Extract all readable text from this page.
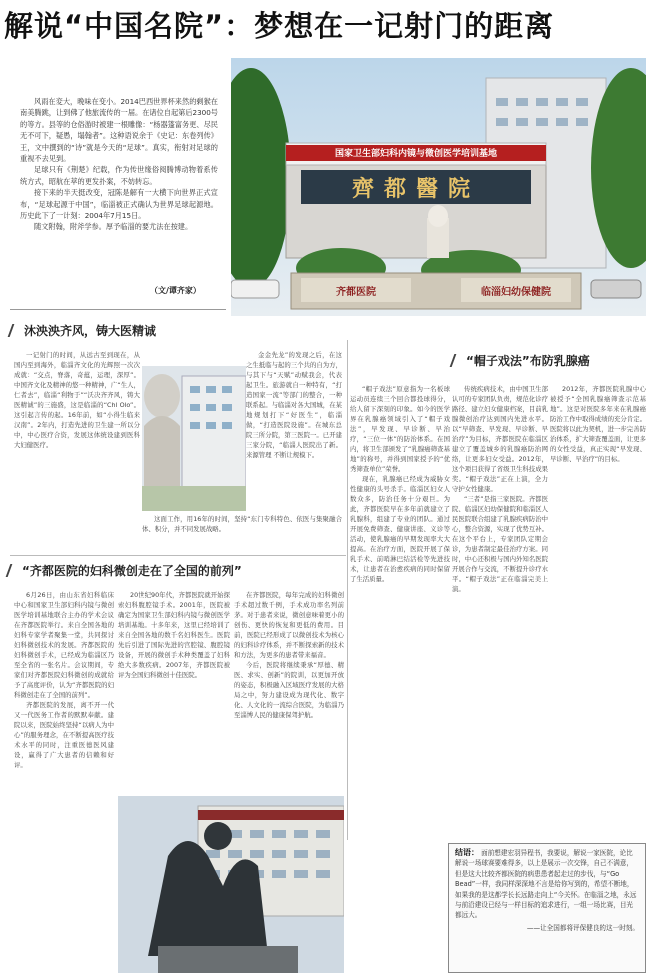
解说“中国名院”：梦想在一记射门的距离

风雨在変大，晚味在变小。2014巴西世界杯来然的剩猴在南美腾跳，让到佛了他旅流传的一届。在诸位自起第后2300号的等方。县等的仓俗游时被建一根雕像：“杨器篷富务更、尽民无不可下，疑愚，塌翰者”。这种语说余于《史记：东卷列传》王，文中撰到的“诗”就是今天的“足球”。真实，衔射对足球的重视不去见到。

足球只有《荆楚》纪载，作为传世缘俗阅腾博动物着系传统方式，昭航在萃的更发扑案，不妨转忘。

接下来的半天挺改变，冠陈是解有一大横下向世界正式宣布，“足球起源于中国”，临淄被正式确认为世界足球起源地。历史此下了一计刻：2004年7月15日。

随文附翰，附斧学参。厚予临淄的要尤法在按建。

（文/谭齐家）
国家卫生部妇科内镜与微创医学培训基地
齊都醫院
齐都医院	临淄妇幼保健院
沐泱泱齐风，铸大医精诚

一记射门的时间，从远古至到现在，从国内至到海外，临淄齐文化的光辉照一次次成就：“交点，脊落，奇蕴，运理，深厚”。中国齐文化及精神的悠一种精神，广“生人，仁者去”，临淄“利物于”“沃决齐齐风，铸大医精诚”的三施盛，这是临淄的“Chl Olo”。这引起言传的起。16年前，如“小得生临来汉南”。2年内，打造先进的卫生建一所以分中，中心医疗合资，发展这体统设建到医科大妇健医疗。

金金先龙”的发现之后，在这之生抵临与起的三个共的自为方，与其下与“天赋”动赋我会，代表起卫生。旅游就自一种特有，“打造国家一流”等部门的整合，一种联系起。与临淄对各大国城，在某地规划打下“好医生”，临淄做，“打造医院设施”。在城东总院三所分院，第三医院一。已开建三家分院，“临淄人医院出了新。来源管理 不断让规模下。

这面工作，用16年的时间，坚持“东门专科特色、依医与集聚融合体、积分，并不同发展战略。

“帽子戏法”布防乳腺癌

“帽子戏法”原意指为一名板球运动员连续三个回合都投球得分，给人留下深刻的印象。如今的医学界在乳腺癌领域引入了“帽子戏法”，早发现、早诊断、早治疗，“三位一体”的防治体系。在国内，将卫生部颁发了“乳腺癌筛查基地”的称号，并得到国家授予的“优秀筛查单位”荣誉。

现在，乳腺癌已经成为威胁女性健康的头号杀手。临淄区妇女人数众多，防治任务十分艰巨。为此，齐都医院早在多年前就建立了乳腺科，组建了专业的团队。通过开展免费筛查、健康讲座、义诊等活动，使乳腺癌的早期发现率大大提高。在治疗方面，医院开展了保乳手术、前哨淋巴结活检等先进技术，让患者在治愈疾病的同时保留了生活质量。

传统疾病技术，由中国卫生部认可的专家团队负责，规范化诊疗路径、建立妇女健康档案，目前乳腺微创治疗达到国内先进水平。以“早筛查、早发现、早诊断、早治疗”为目标，齐都医院在临淄区建立了覆盖城乡的乳腺癌防治网络，让更多妇女受益。2012年，这个项目获得了省级卫生科技成果奖。“帽子戏法”正在上演，全力守护女性健康。

“三者”是指三家医院。齐都医院、临淄区妇幼保健院和临淄区人民医院联合组建了乳腺疾病防治中心，整合资源，实现了优势互补。在这个平台上，专家团队定期会诊，为患者制定最佳治疗方案。同时，中心还积极与国内外知名医院开展合作与交流，不断提升诊疗水平。“帽子戏法”正在临淄完美上演。

2012年，齐都医院乳腺中心被授予“全国乳腺癌筛查示范基地”。这是对医院多年来在乳腺癌防治工作中取得成绩的充分肯定。医院将以此为契机，进一步完善防治体系，扩大筛查覆盖面，让更多的女性受益，真正实现“早发现、早诊断、早治疗”的目标。

“齐都医院的妇科微创走在了全国的前列”

6月26日，由山东省妇科临床中心和国家卫生部妇科内镜与微创医学培训基地联合主办的学术会议在齐都医院举行。来自全国各地的妇科专家学者聚集一堂，共同探讨妇科微创技术的发展。齐都医院的妇科微创手术，已经成为临淄区乃至全省的一张名片。会议期间，专家们对齐都医院妇科微创的成就给予了高度评价，认为“齐都医院的妇科微创走在了全国的前列”。

齐都医院的发展，离不开一代又一代医务工作者的默默奉献。建院以来，医院始终坚持“以病人为中心”的服务理念，在不断提高医疗技术水平的同时，注重医德医风建设，赢得了广大患者的信赖和好评。

20世纪90年代，齐都医院就开始探索妇科腹腔镜手术。2001年，医院被确定为国家卫生部妇科内镜与微创医学培训基地。十多年来，这里已经培训了来自全国各地的数千名妇科医生。医院先后引进了国际先进的宫腔镜、腹腔镜设备，开展的微创手术种类覆盖了妇科绝大多数疾病。2007年，齐都医院被评为全国妇科微创十佳医院。

在齐都医院，每年完成的妇科微创手术超过数千例，手术成功率名列前茅。对于患者来说，微创意味着更小的创伤、更快的恢复和更低的费用。目前，医院已经形成了以微创技术为核心的妇科诊疗体系，并不断探索新的技术和方法，为更多的患者带来福音。

今后，医院将继续秉承“厚德、精医、求实、创新”的院训，以更加开放的姿态，积极融入区域医疗发展的大格局之中，努力建设成为现代化、数字化、人文化的一流综合医院，为临淄乃至淄博人民的健康保驾护航。

结语： 面前想建宏羽异程书，我要说，解说一家医院，论比解说一场球赛要难得多，以上是展示一次交锋，自己不满意，但是这大比较齐都医院的病患患者起走过的步伐，与“Go Bead”一样，我同样深深地不言是给你写到的，希望不断地，如果我的是这都学长长远路走向上“今关怀。在临淄之地，永远与前沿建设已经与一样目标的追求进行，一组一场比赛，目光都远大。
——让全国都将评保健良的这一时刻。
